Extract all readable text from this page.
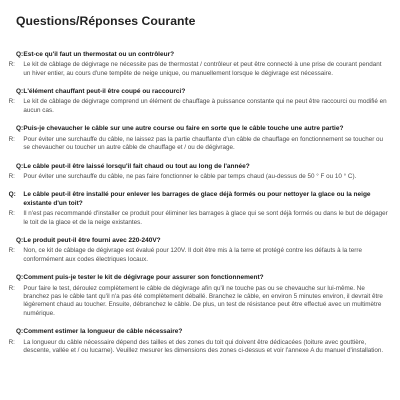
Questions/Réponses Courante

Q:Est-ce qu'il faut un thermostat ou un contrôleur?

R: Le kit de câblage de dégivrage ne nécessite pas de thermostat / contrôleur et peut être connecté à une prise de courant pendant un hiver entier, au cours d'une tempête de neige unique, ou manuellement lorsque le dégivrage est nécessaire.

Q:L'élément chauffant peut-il être coupé ou raccourci?

R: Le kit de câblage de dégivrage comprend un élément de chauffage à puissance constante qui ne peut être raccourci ou modifié en aucun cas.

Q:Puis-je chevaucher le câble sur une autre course ou faire en sorte que le câble touche une autre partie?

R: Pour éviter une surchauffe du câble, ne laissez pas la partie chauffante d'un câble de chauffage en fonctionnement se toucher ou se chevaucher ou toucher un autre câble de chauffage et / ou de dégivrage.

Q:Le câble peut-il être laissé lorsqu'il fait chaud ou tout au long de l'année?

R: Pour éviter une surchauffe du câble, ne pas faire fonctionner le câble par temps chaud (au-dessus de 50 ° F ou 10 ° C).

Q: Le câble peut-il être installé pour enlever les barrages de glace déjà formés ou pour nettoyer la glace ou la neige existante d'un toit?

R: Il n'est pas recommandé d'installer ce produit pour éliminer les barrages à glace qui se sont déjà formés ou dans le but de dégager le toit de la glace et de la neige existantes.

Q:Le produit peut-il être fourni avec 220-240V?

R: Non, ce kit de câblage de dégivrage est évalué pour 120V. Il doit être mis à la terre et protégé contre les défauts à la terre conformément aux codes électriques locaux.

Q:Comment puis-je tester le kit de dégivrage pour assurer son fonctionnement?

R: Pour faire le test, déroulez complètement le câble de dégivrage afin qu'il ne touche pas ou se chevauche sur lui-même. Ne branchez pas le câble tant qu'il n'a pas été complètement déballé. Branchez le câble, en environ 5 minutes environ, il devrait être légèrement chaud au toucher. Ensuite, débranchez le câble. De plus, un test de résistance peut être effectué avec un multimètre numérique.

Q:Comment estimer la longueur de câble nécessaire?

R: La longueur du câble nécessaire dépend des tailles et des zones du toit qui doivent être dédicacées (toiture avec gouttière, descente, vallée et / ou lucarne). Veuillez mesurer les dimensions des zones ci-dessus et voir l'annexe A du manuel d'installation.
